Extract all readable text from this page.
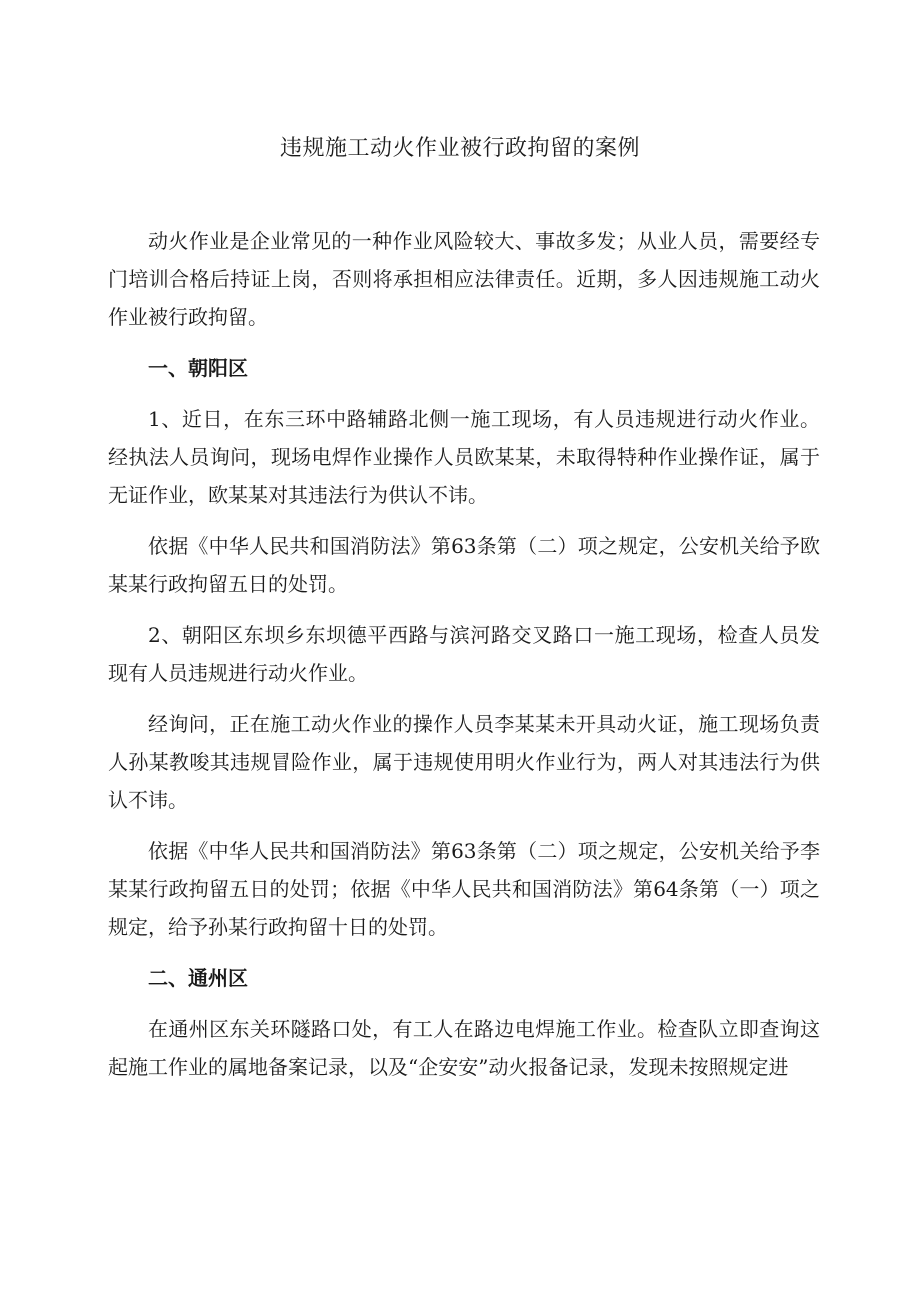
违规施工动火作业被行政拘留的案例

动火作业是企业常见的一种作业风险较大、事故多发；从业人员，需要经专门培训合格后持证上岗，否则将承担相应法律责任。近期，多人因违规施工动火作业被行政拘留。

一、朝阳区

1、近日，在东三环中路辅路北侧一施工现场，有人员违规进行动火作业。经执法人员询问，现场电焊作业操作人员欧某某，未取得特种作业操作证，属于无证作业，欧某某对其违法行为供认不讳。

依据《中华人民共和国消防法》第63条第（二）项之规定，公安机关给予欧某某行政拘留五日的处罚。

2、朝阳区东坝乡东坝德平西路与滨河路交叉路口一施工现场，检查人员发现有人员违规进行动火作业。

经询问，正在施工动火作业的操作人员李某某未开具动火证，施工现场负责人孙某教唆其违规冒险作业，属于违规使用明火作业行为，两人对其违法行为供认不讳。

依据《中华人民共和国消防法》第63条第（二）项之规定，公安机关给予李某某行政拘留五日的处罚；依据《中华人民共和国消防法》第64条第（一）项之规定，给予孙某行政拘留十日的处罚。

二、通州区

在通州区东关环隧路口处，有工人在路边电焊施工作业。检查队立即查询这起施工作业的属地备案记录，以及“企安安”动火报备记录，发现未按照规定进
